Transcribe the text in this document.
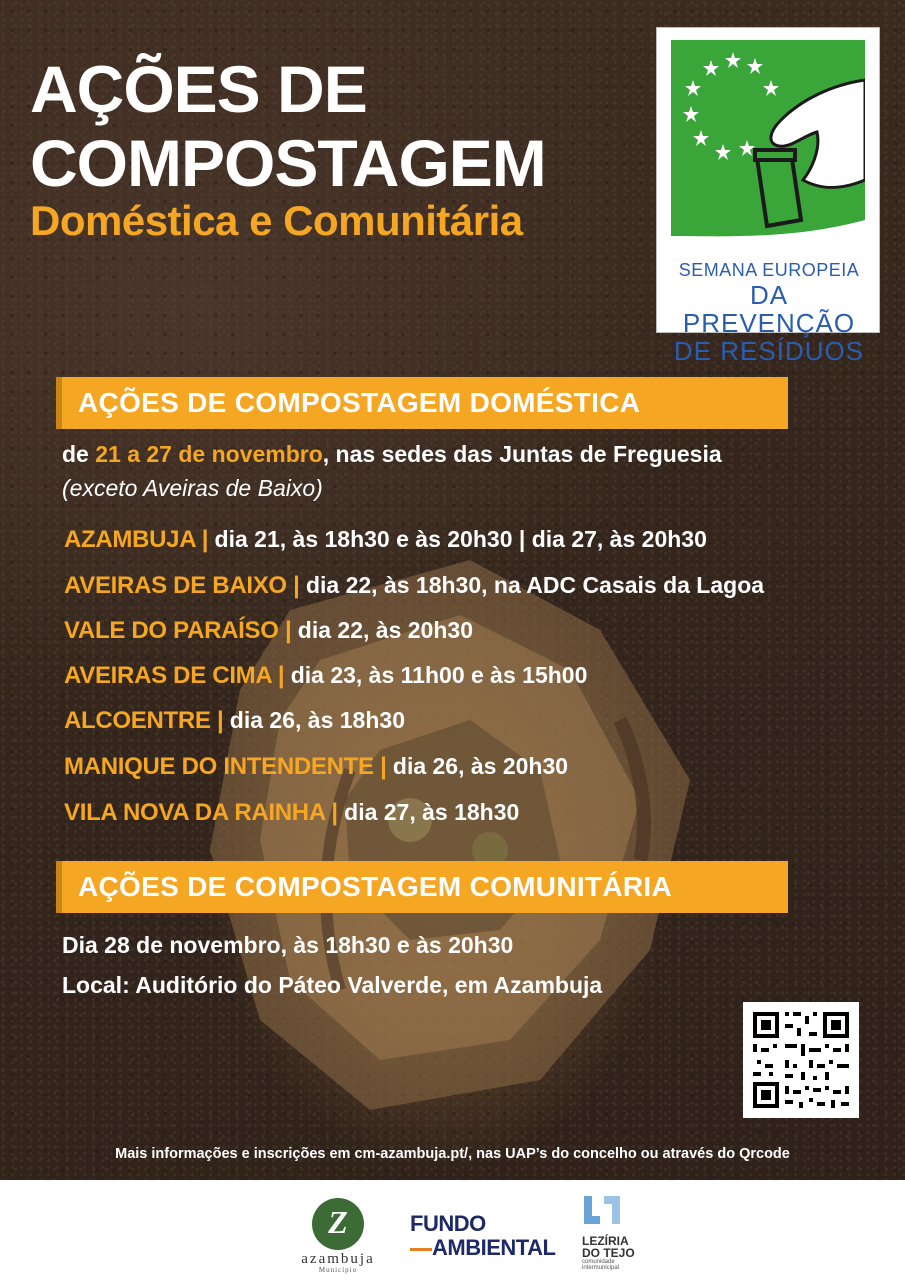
AÇÕES DE
COMPOSTAGEM
Doméstica e Comunitária
SEMANA EUROPEIA
DA PREVENÇÃO
DE RESÍDUOS
AÇÕES DE COMPOSTAGEM DOMÉSTICA
de 21 a 27 de novembro, nas sedes das Juntas de Freguesia
(exceto Aveiras de Baixo)
AZAMBUJA | dia 21, às 18h30 e às 20h30 | dia 27, às 20h30
AVEIRAS DE BAIXO | dia 22, às 18h30, na ADC Casais da Lagoa
VALE DO PARAÍSO | dia 22, às 20h30
AVEIRAS DE CIMA | dia 23, às 11h00 e às 15h00
ALCOENTRE | dia 26, às 18h30
MANIQUE DO INTENDENTE | dia 26, às 20h30
VILA NOVA DA RAINHA | dia 27, às 18h30
AÇÕES DE COMPOSTAGEM COMUNITÁRIA
Dia 28 de novembro, às 18h30 e às 20h30
Local: Auditório do Páteo Valverde, em Azambuja
Mais informações e inscrições em cm-azambuja.pt/, nas UAP’s do concelho ou através do Qrcode
Z
azambuja
Município
FUNDO
AMBIENTAL	LEZÍRIA
DO TEJO
comunidade intermunicipal
